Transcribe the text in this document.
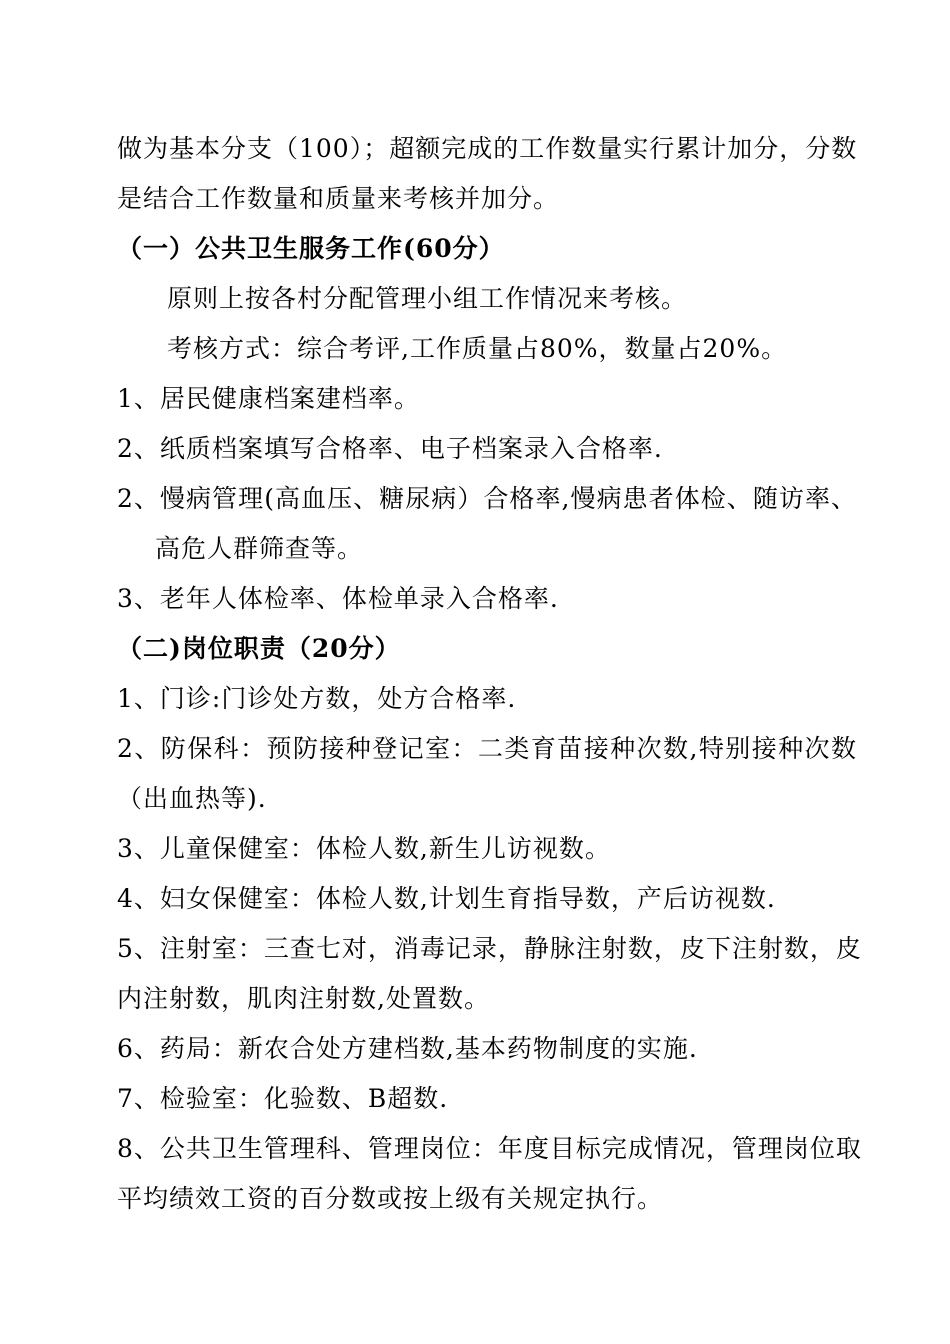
做为基本分支（100）；超额完成的工作数量实行累计加分，分数
是结合工作数量和质量来考核并加分。
（一）公共卫生服务工作(60分）
原则上按各村分配管理小组工作情况来考核。
考核方式：综合考评,工作质量占80%，数量占20%。
1、居民健康档案建档率。
2、纸质档案填写合格率、电子档案录入合格率.
2、慢病管理(高血压、糖尿病）合格率,慢病患者体检、随访率、
高危人群筛查等。
3、老年人体检率、体检单录入合格率.
（二)岗位职责（20分）
1、门诊:门诊处方数，处方合格率.
2、防保科：预防接种登记室：二类育苗接种次数,特别接种次数
（出血热等).
3、儿童保健室：体检人数,新生儿访视数。
4、妇女保健室：体检人数,计划生育指导数，产后访视数.
5、注射室：三查七对，消毒记录，静脉注射数，皮下注射数，皮
内注射数，肌肉注射数,处置数。
6、药局：新农合处方建档数,基本药物制度的实施.
7、检验室：化验数、B超数.
8、公共卫生管理科、管理岗位：年度目标完成情况，管理岗位取
平均绩效工资的百分数或按上级有关规定执行。
